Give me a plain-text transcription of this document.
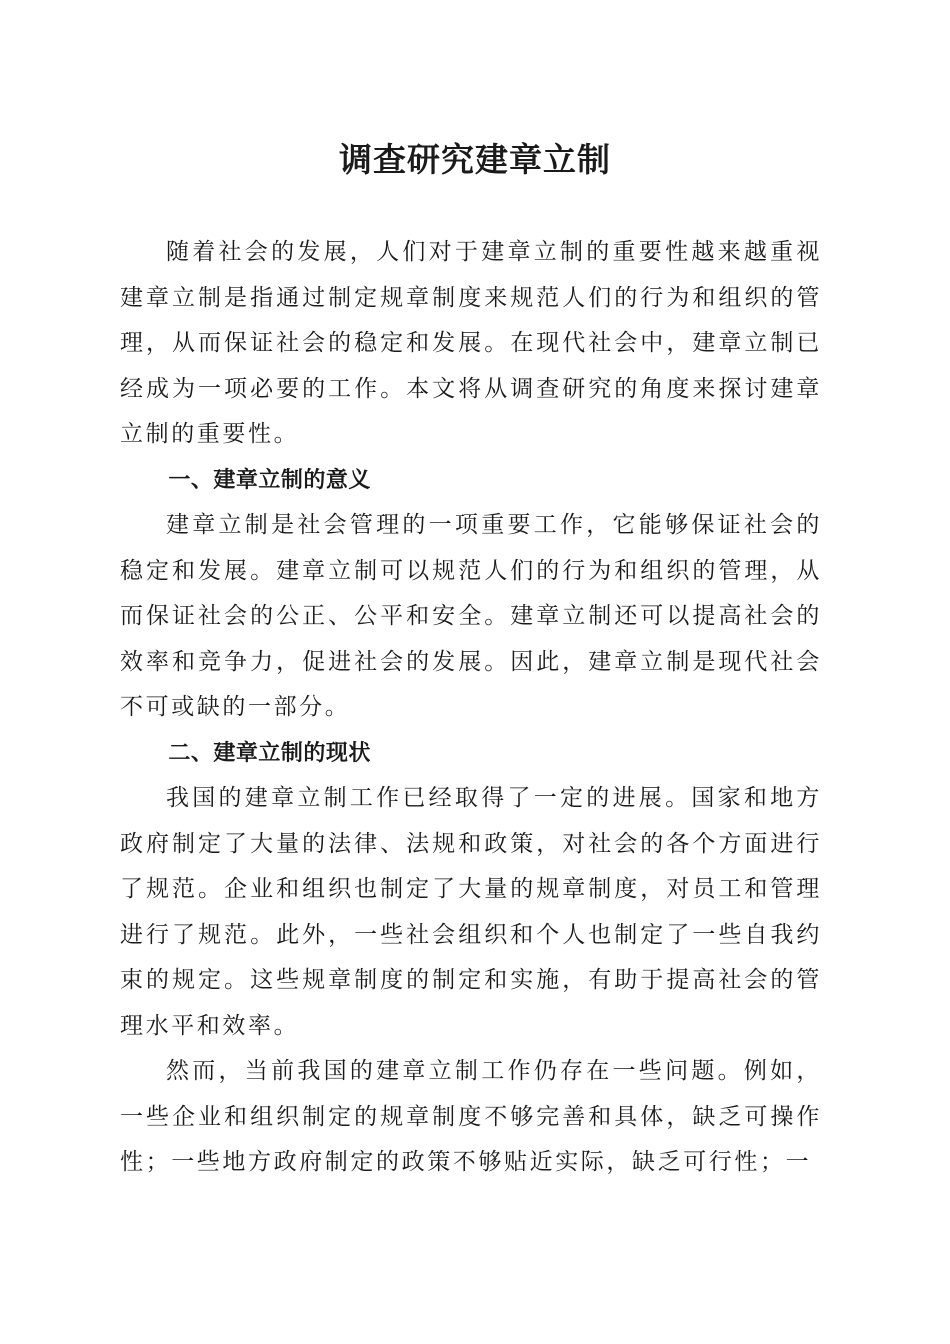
调查研究建章立制

随着社会的发展，人们对于建章立制的重要性越来越重视建章立制是指通过制定规章制度来规范人们的行为和组织的管理，从而保证社会的稳定和发展。在现代社会中，建章立制已经成为一项必要的工作。本文将从调查研究的角度来探讨建章立制的重要性。

一、建章立制的意义

建章立制是社会管理的一项重要工作，它能够保证社会的稳定和发展。建章立制可以规范人们的行为和组织的管理，从而保证社会的公正、公平和安全。建章立制还可以提高社会的效率和竞争力，促进社会的发展。因此，建章立制是现代社会不可或缺的一部分。

二、建章立制的现状

我国的建章立制工作已经取得了一定的进展。国家和地方政府制定了大量的法律、法规和政策，对社会的各个方面进行了规范。企业和组织也制定了大量的规章制度，对员工和管理进行了规范。此外，一些社会组织和个人也制定了一些自我约束的规定。这些规章制度的制定和实施，有助于提高社会的管理水平和效率。

然而，当前我国的建章立制工作仍存在一些问题。例如，一些企业和组织制定的规章制度不够完善和具体，缺乏可操作性；一些地方政府制定的政策不够贴近实际，缺乏可行性；一
